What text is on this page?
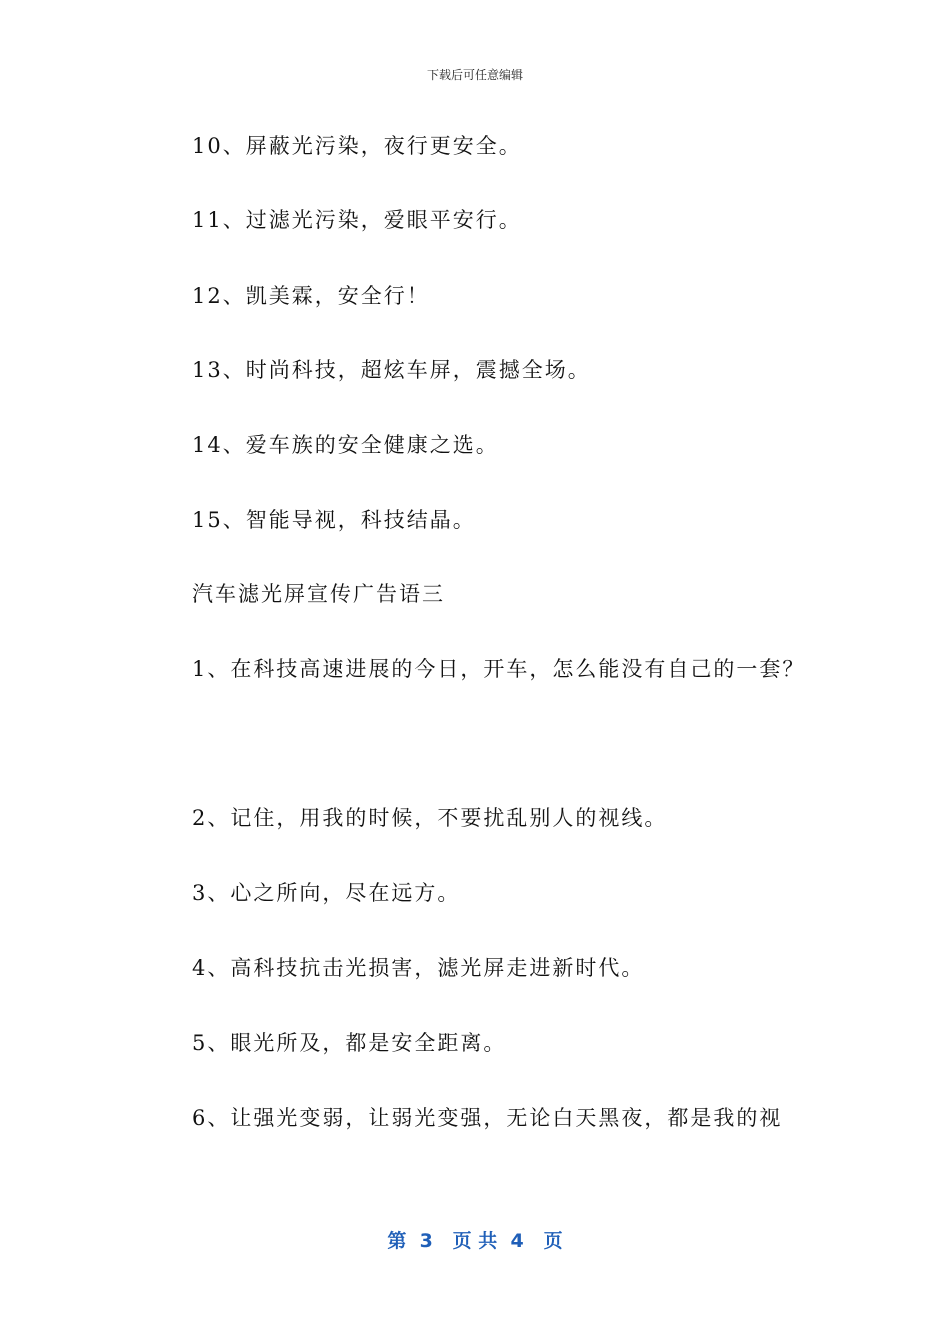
下载后可任意编辑
10、屏蔽光污染，夜行更安全。
11、过滤光污染，爱眼平安行。
12、凯美霖，安全行！
13、时尚科技，超炫车屏，震撼全场。
14、爱车族的安全健康之选。
15、智能导视，科技结晶。
汽车滤光屏宣传广告语三
1、在科技高速进展的今日，开车，怎么能没有自己的一套？
2、记住，用我的时候，不要扰乱别人的视线。
3、心之所向，尽在远方。
4、高科技抗击光损害，滤光屏走进新时代。
5、眼光所及，都是安全距离。
6、让强光变弱，让弱光变强，无论白天黑夜，都是我的视
第  3   页 共  4   页
